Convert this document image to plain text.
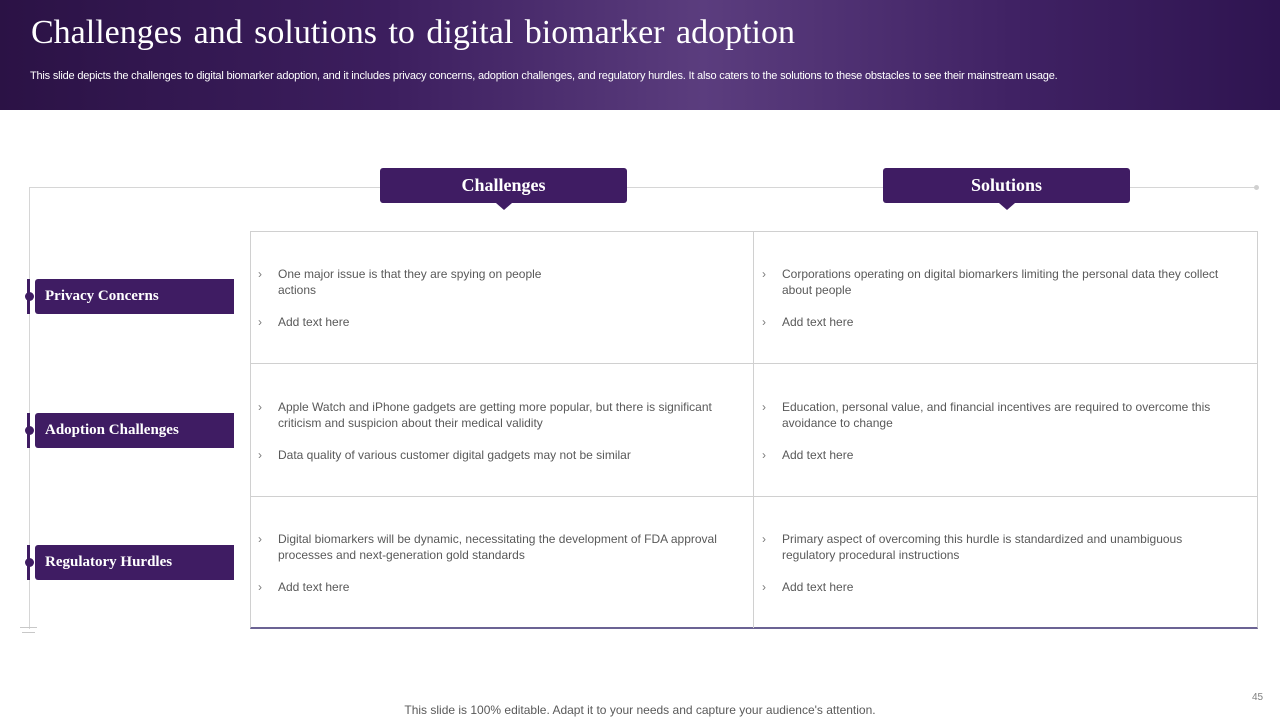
Challenges and solutions to digital biomarker adoption
This slide depicts the challenges to digital biomarker adoption, and it includes privacy concerns, adoption challenges, and regulatory hurdles. It also caters to the solutions to these obstacles to see their mainstream usage.
Challenges	Solutions
Privacy Concerns
Adoption Challenges
Regulatory Hurdles
› One major issue is that they are spying on people actions
› Add text here
› Corporations operating on digital biomarkers limiting the personal data they collect about people
› Add text here
› Apple Watch and iPhone gadgets are getting more popular, but there is significant criticism and suspicion about their medical validity
› Data quality of various customer digital gadgets may not be similar
› Education, personal value, and financial incentives are required to overcome this avoidance to change
› Add text here
› Digital biomarkers will be dynamic, necessitating the development of FDA approval processes and next-generation gold standards
› Add text here
› Primary aspect of overcoming this hurdle is standardized and unambiguous regulatory procedural instructions
› Add text here
45
This slide is 100% editable. Adapt it to your needs and capture your audience's attention.
